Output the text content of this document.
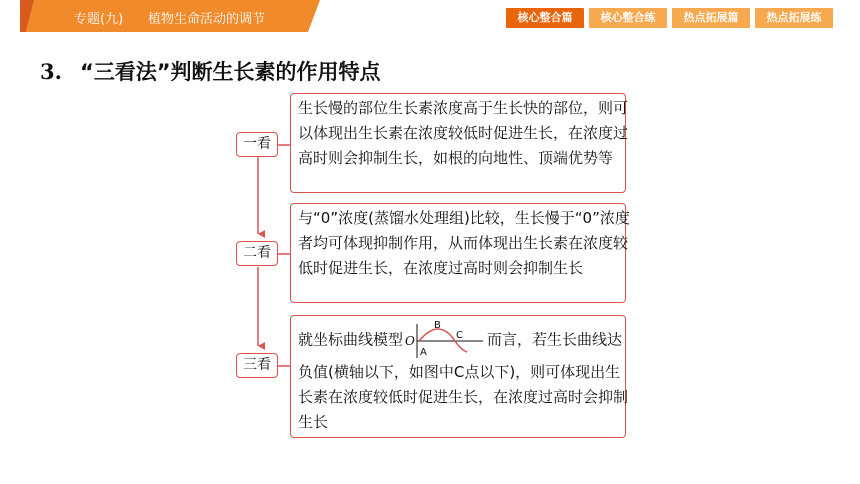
专题(九) 植物生命活动的调节	核心整合篇	核心整合练	热点拓展篇	热点拓展练
3. “三看法”判断生长素的作用特点
一看

生长慢的部位生长素浓度高于生长快的部位，则可以体现出生长素在浓度较低时促进生长，在浓度过高时则会抑制生长，如根的向地性、顶端优势等

二看

与“0”浓度(蒸馏水处理组)比较，生长慢于“0”浓度者均可体现抑制作用，从而体现出生长素在浓度较低时促进生长，在浓度过高时则会抑制生长

三看

就坐标曲线模型 O
A
B
C 而言，若生长曲线达负值(横轴以下，如图中C点以下)，则可体现出生长素在浓度较低时促进生长，在浓度过高时会抑制生长
